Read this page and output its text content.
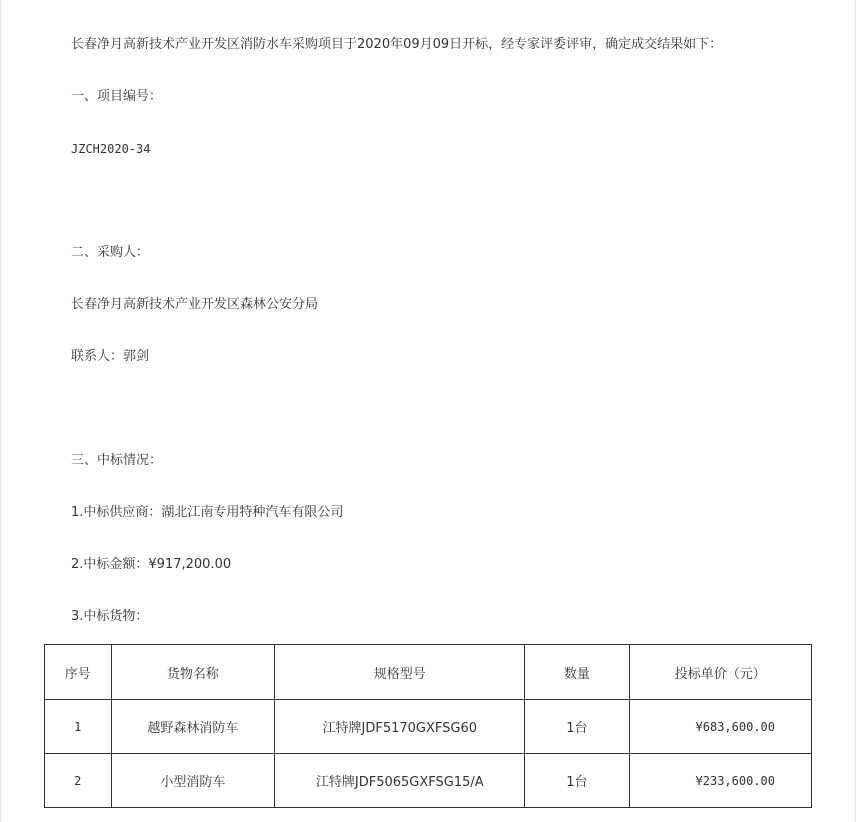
长春净月高新技术产业开发区消防水车采购项目于2020年09月09日开标，经专家评委评审，确定成交结果如下：
一、项目编号：
JZCH2020-34
二、采购人：
长春净月高新技术产业开发区森林公安分局
联系人：郭剑
三、中标情况：
1.中标供应商：湖北江南专用特种汽车有限公司
2.中标金额：¥917,200.00
3.中标货物：
序号	货物名称	规格型号	数量	投标单价（元）
1	越野森林消防车	江特牌JDF5170GXFSG60	1台	¥683,600.00
2	小型消防车	江特牌JDF5065GXFSG15/A	1台	¥233,600.00
